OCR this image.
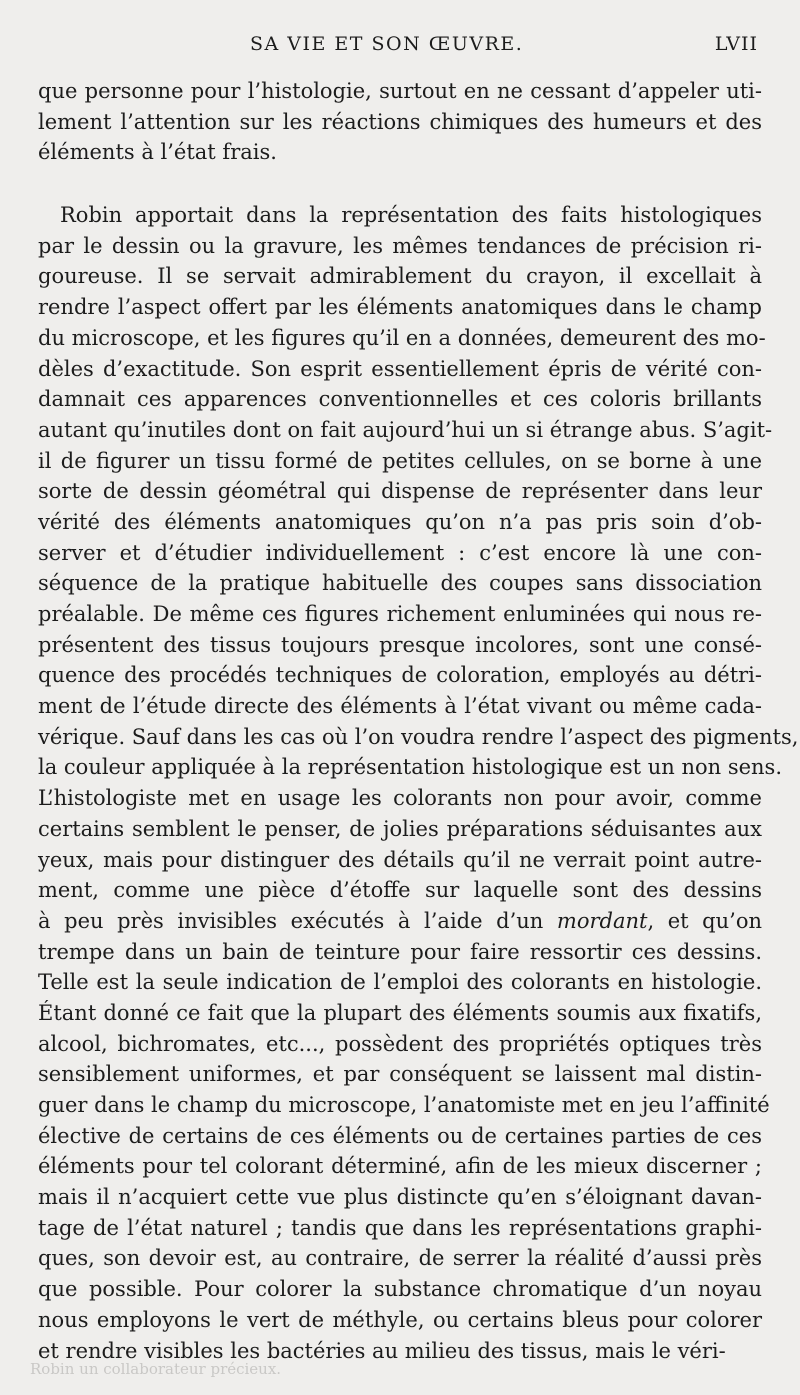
SA VIE ET SON ŒUVRE.	LVII
que personne pour l’histologie, surtout en ne cessant d’appeler uti-
lement l’attention sur les réactions chimiques des humeurs et des
éléments à l’état frais.
Robin apportait dans la représentation des faits histologiques
par le dessin ou la gravure, les mêmes tendances de précision ri-
goureuse. Il se servait admirablement du crayon, il excellait à
rendre l’aspect offert par les éléments anatomiques dans le champ
du microscope, et les figures qu’il en a données, demeurent des mo-
dèles d’exactitude. Son esprit essentiellement épris de vérité con-
damnait ces apparences conventionnelles et ces coloris brillants
autant qu’inutiles dont on fait aujourd’hui un si étrange abus. S’agit-
il de figurer un tissu formé de petites cellules, on se borne à une
sorte de dessin géométral qui dispense de représenter dans leur
vérité des éléments anatomiques qu’on n’a pas pris soin d’ob-
server et d’étudier individuellement : c’est encore là une con-
séquence de la pratique habituelle des coupes sans dissociation
préalable. De même ces figures richement enluminées qui nous re-
présentent des tissus toujours presque incolores, sont une consé-
quence des procédés techniques de coloration, employés au détri-
ment de l’étude directe des éléments à l’état vivant ou même cada-
vérique. Sauf dans les cas où l’on voudra rendre l’aspect des pigments,
la couleur appliquée à la représentation histologique est un non sens.
L’histologiste met en usage les colorants non pour avoir, comme
certains semblent le penser, de jolies préparations séduisantes aux
yeux, mais pour distinguer des détails qu’il ne verrait point autre-
ment, comme une pièce d’étoffe sur laquelle sont des dessins
à peu près invisibles exécutés à l’aide d’un mordant, et qu’on
trempe dans un bain de teinture pour faire ressortir ces dessins.
Telle est la seule indication de l’emploi des colorants en histologie.
Étant donné ce fait que la plupart des éléments soumis aux fixatifs,
alcool, bichromates, etc..., possèdent des propriétés optiques très
sensiblement uniformes, et par conséquent se laissent mal distin-
guer dans le champ du microscope, l’anatomiste met en jeu l’affinité
élective de certains de ces éléments ou de certaines parties de ces
éléments pour tel colorant déterminé, afin de les mieux discerner ;
mais il n’acquiert cette vue plus distincte qu’en s’éloignant davan-
tage de l’état naturel ; tandis que dans les représentations graphi-
ques, son devoir est, au contraire, de serrer la réalité d’aussi près
que possible. Pour colorer la substance chromatique d’un noyau
nous employons le vert de méthyle, ou certains bleus pour colorer
et rendre visibles les bactéries au milieu des tissus, mais le véri-
Robin un collaborateur précieux.
